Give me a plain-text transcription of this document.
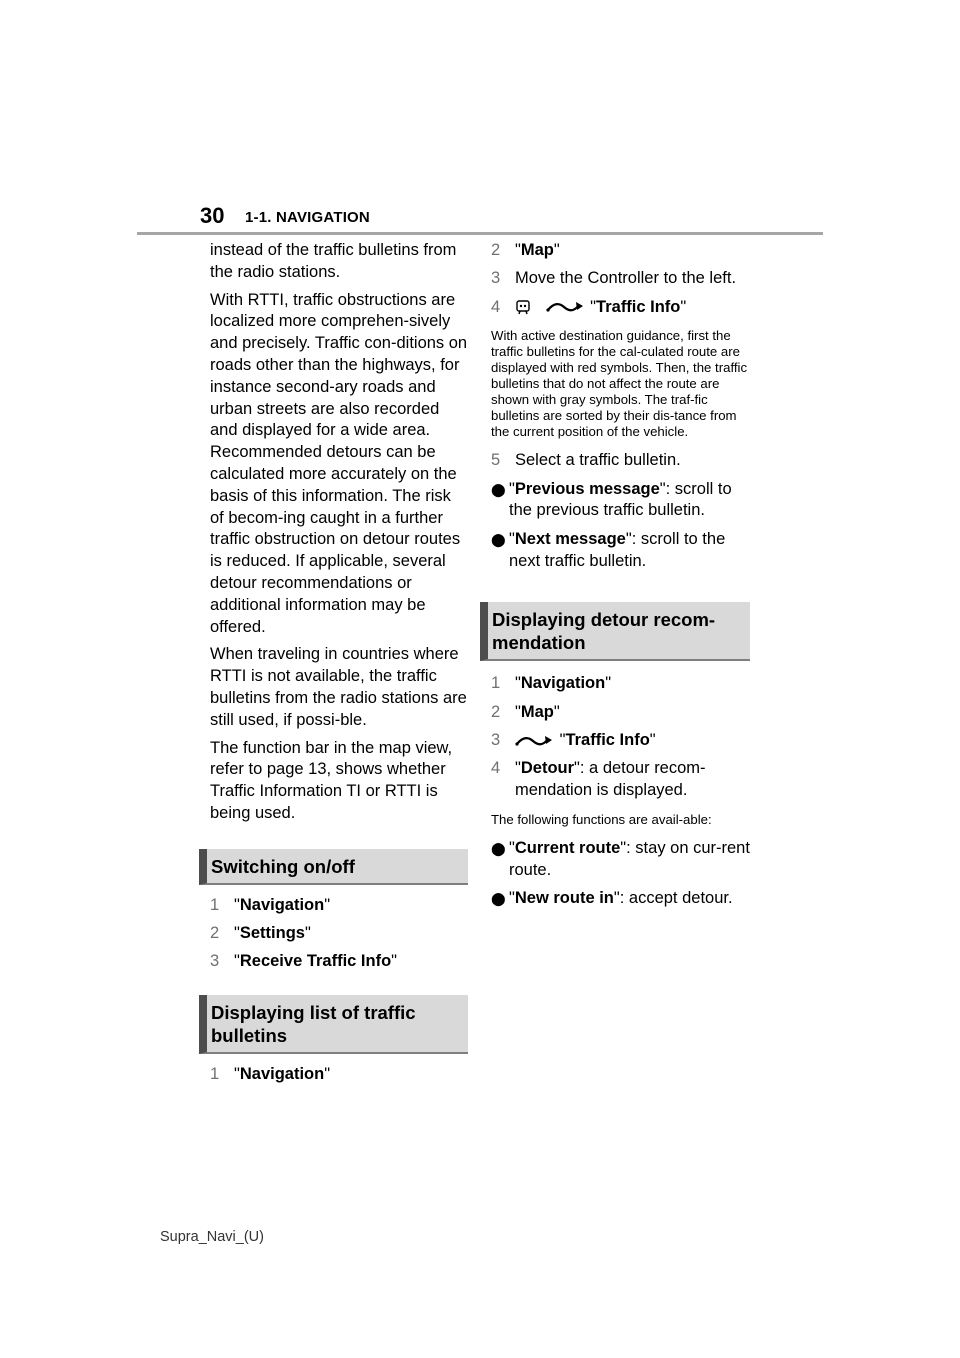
30 1-1. NAVIGATION

instead of the traffic bulletins from the radio stations.

With RTTI, traffic obstructions are localized more comprehen-sively and precisely. Traffic con-ditions on roads other than the highways, for instance second-ary roads and urban streets are also recorded and displayed for a wide area. Recommended detours can be calculated more accurately on the basis of this information. The risk of becom-ing caught in a further traffic obstruction on detour routes is reduced. If applicable, several detour recommendations or additional information may be offered.

When traveling in countries where RTTI is not available, the traffic bulletins from the radio stations are still used, if possi-ble.

The function bar in the map view, refer to page 13, shows whether Traffic Information TI or RTTI is being used.

Switching on/off
1 "Navigation"
2 "Settings"
3 "Receive Traffic Info"
Displaying list of traffic bulletins
1 "Navigation"
2 "Map"
3 Move the Controller to the left.
4	"Traffic Info"

With active destination guidance, first the traffic bulletins for the cal-culated route are displayed with red symbols. Then, the traffic bulletins that do not affect the route are shown with gray symbols. The traf-fic bulletins are sorted by their dis-tance from the current position of the vehicle.

5 Select a traffic bulletin.
⬤ "Previous message": scroll to the previous traffic bulletin.
⬤ "Next message": scroll to the next traffic bulletin.
Displaying detour recom-mendation
1 "Navigation"
2 "Map"
3	"Traffic Info"
4 "Detour": a detour recom-mendation is displayed.

The following functions are avail-able:

⬤ "Current route": stay on cur-rent route.
⬤ "New route in": accept detour.
Supra_Navi_(U)
